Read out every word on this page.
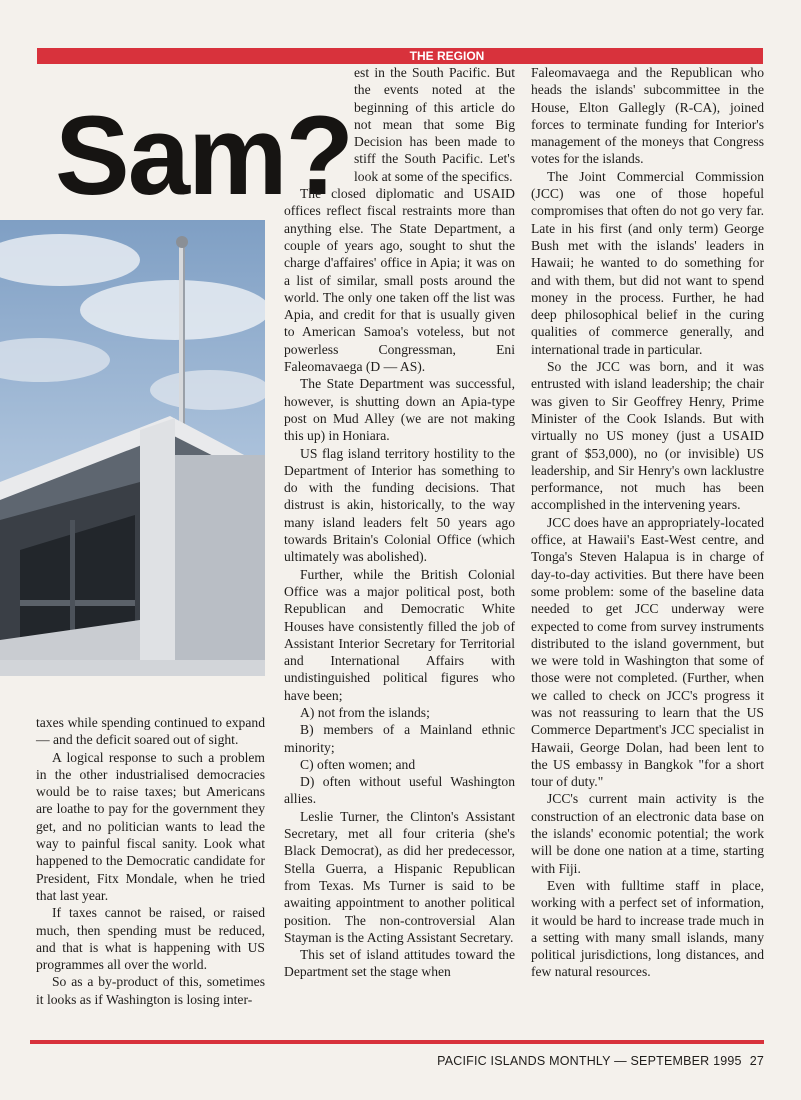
THE REGION
Sam?

taxes while spending continued to expand — and the deficit soared out of sight.

A logical response to such a problem in the other industrialised democracies would be to raise taxes; but Americans are loathe to pay for the government they get, and no politician wants to lead the way to painful fiscal sanity. Look what happened to the Democratic candidate for President, Fitx Mondale, when he tried that last year.

If taxes cannot be raised, or raised much, then spending must be reduced, and that is what is happening with US programmes all over the world.

So as a by-product of this, sometimes it looks as if Washington is losing inter-

est in the South Pacific. But the events noted at the beginning of this article do not mean that some Big Decision has been made to stiff the South Pacific. Let's look at some of the specifics.

The closed diplomatic and USAID offices reflect fiscal restraints more than anything else. The State Department, a couple of years ago, sought to shut the charge d'affaires' office in Apia; it was on a list of similar, small posts around the world. The only one taken off the list was Apia, and credit for that is usually given to American Samoa's voteless, but not powerless Congressman, Eni Faleomavaega (D — AS).

The State Department was successful, however, is shutting down an Apia-type post on Mud Alley (we are not making this up) in Honiara.

US flag island territory hostility to the Department of Interior has something to do with the funding decisions. That distrust is akin, historically, to the way many island leaders felt 50 years ago towards Britain's Colonial Office (which ultimately was abolished).

Further, while the British Colonial Office was a major political post, both Republican and Democratic White Houses have consistently filled the job of Assistant Interior Secretary for Territorial and International Affairs with undistinguished political figures who have been;

A) not from the islands;

B) members of a Mainland ethnic minority;

C) often women; and

D) often without useful Washington allies.

Leslie Turner, the Clinton's Assistant Secretary, met all four criteria (she's Black Democrat), as did her predecessor, Stella Guerra, a Hispanic Republican from Texas. Ms Turner is said to be awaiting appointment to another political position. The non-controversial Alan Stayman is the Acting Assistant Secretary.

This set of island attitudes toward the Department set the stage when

Faleomavaega and the Republican who heads the islands' subcommittee in the House, Elton Gallegly (R-CA), joined forces to terminate funding for Interior's management of the moneys that Congress votes for the islands.

The Joint Commercial Commission (JCC) was one of those hopeful compromises that often do not go very far. Late in his first (and only term) George Bush met with the islands' leaders in Hawaii; he wanted to do something for and with them, but did not want to spend money in the process. Further, he had deep philosophical belief in the curing qualities of commerce generally, and international trade in particular.

So the JCC was born, and it was entrusted with island leadership; the chair was given to Sir Geoffrey Henry, Prime Minister of the Cook Islands. But with virtually no US money (just a USAID grant of $53,000), no (or invisible) US leadership, and Sir Henry's own lacklustre performance, not much has been accomplished in the intervening years.

JCC does have an appropriately-located office, at Hawaii's East-West centre, and Tonga's Steven Halapua is in charge of day-to-day activities. But there have been some problem: some of the baseline data needed to get JCC underway were expected to come from survey instruments distributed to the island government, but we were told in Washington that some of those were not completed. (Further, when we called to check on JCC's progress it was not reassuring to learn that the US Commerce Department's JCC specialist in Hawaii, George Dolan, had been lent to the US embassy in Bangkok "for a short tour of duty."

JCC's current main activity is the construction of an electronic data base on the islands' economic potential; the work will be done one nation at a time, starting with Fiji.

Even with fulltime staff in place, working with a perfect set of information, it would be hard to increase trade much in a setting with many small islands, many political jurisdictions, long distances, and few natural resources.

PACIFIC ISLANDS MONTHLY — SEPTEMBER 1995 27
